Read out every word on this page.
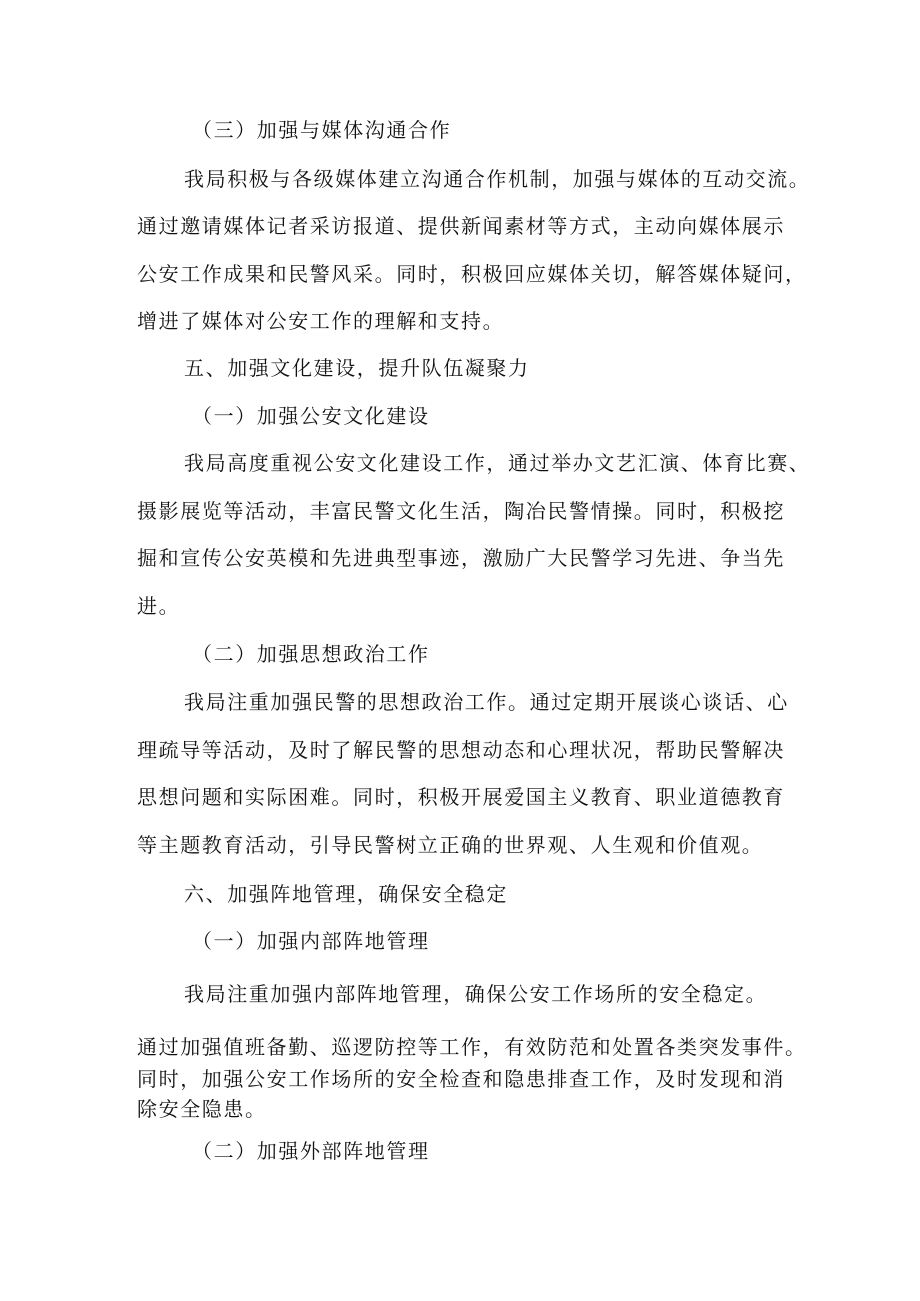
（三）加强与媒体沟通合作
我局积极与各级媒体建立沟通合作机制，加强与媒体的互动交流。
通过邀请媒体记者采访报道、提供新闻素材等方式，主动向媒体展示
公安工作成果和民警风采。同时，积极回应媒体关切，解答媒体疑问，
增进了媒体对公安工作的理解和支持。
五、加强文化建设，提升队伍凝聚力
（一）加强公安文化建设
我局高度重视公安文化建设工作，通过举办文艺汇演、体育比赛、
摄影展览等活动，丰富民警文化生活，陶冶民警情操。同时，积极挖
掘和宣传公安英模和先进典型事迹，激励广大民警学习先进、争当先
进。
（二）加强思想政治工作
我局注重加强民警的思想政治工作。通过定期开展谈心谈话、心
理疏导等活动，及时了解民警的思想动态和心理状况，帮助民警解决
思想问题和实际困难。同时，积极开展爱国主义教育、职业道德教育
等主题教育活动，引导民警树立正确的世界观、人生观和价值观。
六、加强阵地管理，确保安全稳定
（一）加强内部阵地管理
我局注重加强内部阵地管理，确保公安工作场所的安全稳定。
通过加强值班备勤、巡逻防控等工作，有效防范和处置各类突发事件。
同时，加强公安工作场所的安全检查和隐患排查工作，及时发现和消
除安全隐患。
（二）加强外部阵地管理
